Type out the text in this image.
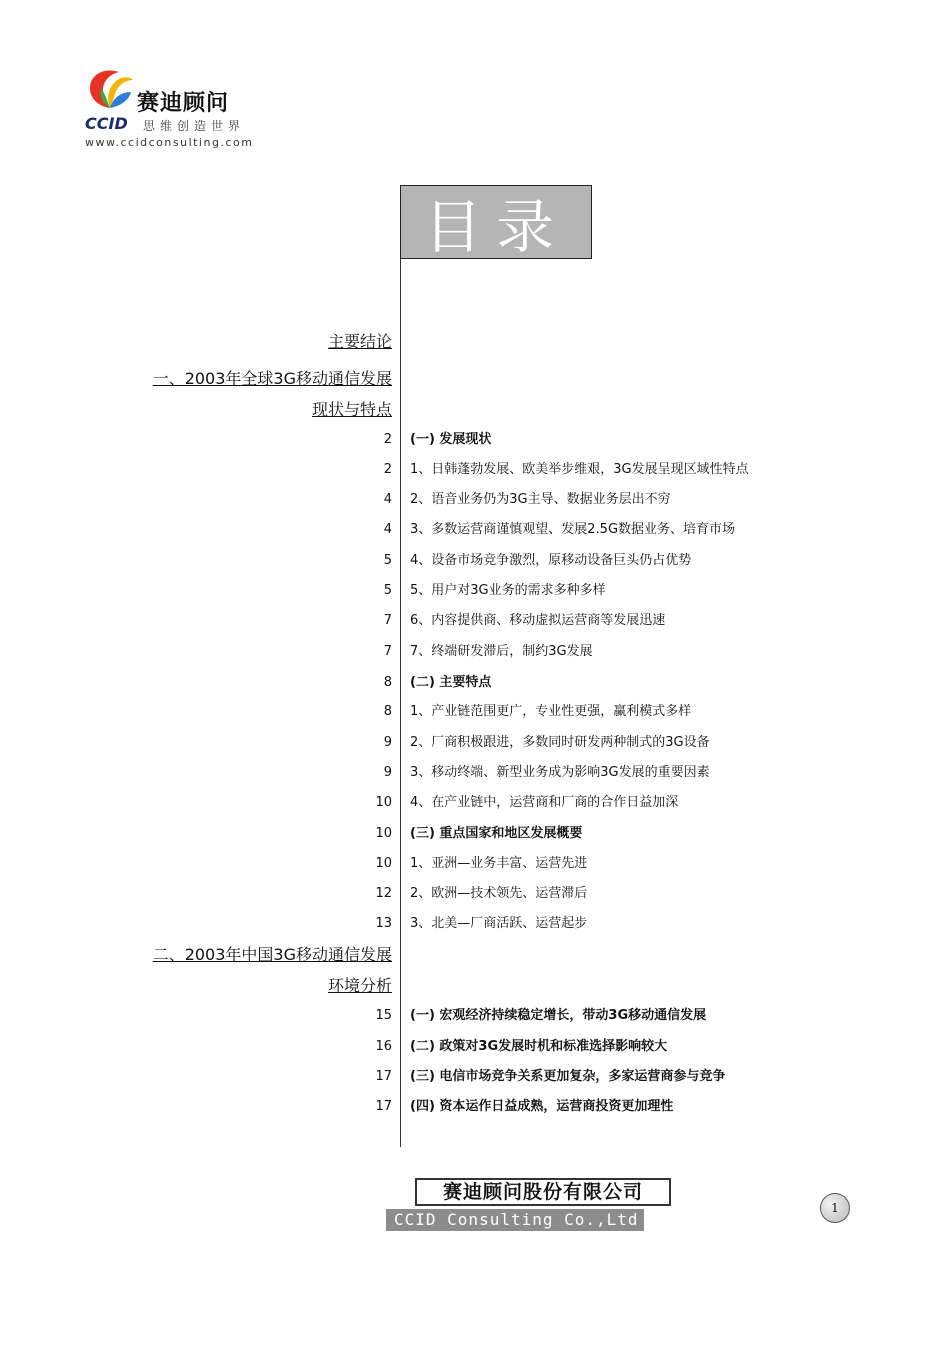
赛迪顾问
CCID 思维创造世界
www.ccidconsulting.com
目录
主要结论
一、2003年全球3G移动通信发展
现状与特点
2 (一) 发展现状
2 1、日韩蓬勃发展、欧美举步维艰，3G发展呈现区域性特点
4 2、语音业务仍为3G主导、数据业务层出不穷
4 3、多数运营商谨慎观望、发展2.5G数据业务、培育市场
5 4、设备市场竞争激烈，原移动设备巨头仍占优势
5 5、用户对3G业务的需求多种多样
7 6、内容提供商、移动虚拟运营商等发展迅速
7 7、终端研发滞后，制约3G发展
8 (二) 主要特点
8 1、产业链范围更广，专业性更强，赢利模式多样
9 2、厂商积极跟进，多数同时研发两种制式的3G设备
9 3、移动终端、新型业务成为影响3G发展的重要因素
10 4、在产业链中，运营商和厂商的合作日益加深
10 (三) 重点国家和地区发展概要
10 1、亚洲—业务丰富、运营先进
12 2、欧洲—技术领先、运营滞后
13 3、北美—厂商活跃、运营起步
二、2003年中国3G移动通信发展
环境分析
15 (一) 宏观经济持续稳定增长，带动3G移动通信发展
16 (二) 政策对3G发展时机和标准选择影响较大
17 (三) 电信市场竞争关系更加复杂，多家运营商参与竞争
17 (四) 资本运作日益成熟，运营商投资更加理性
赛迪顾问股份有限公司
CCID Consulting Co.,Ltd
1
